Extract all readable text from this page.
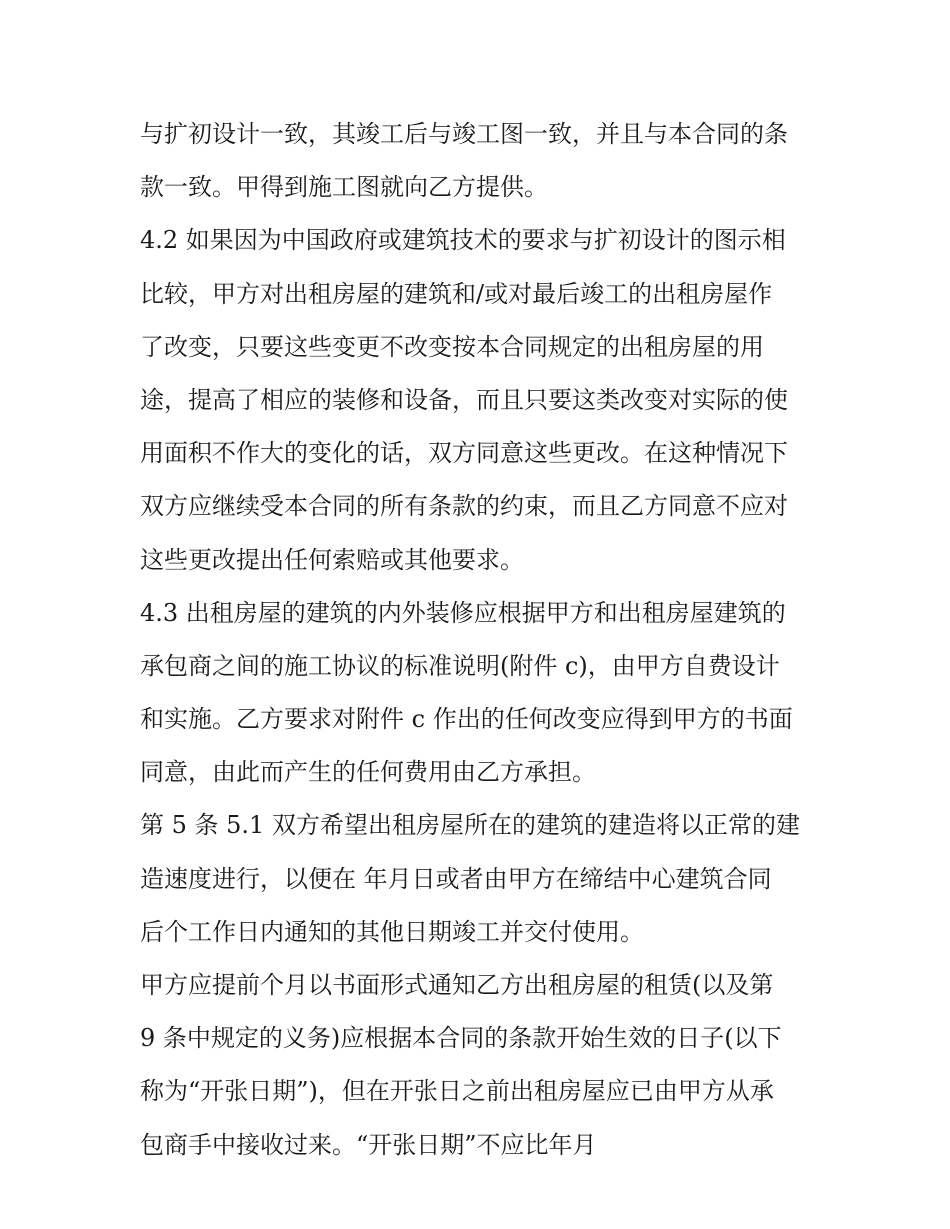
与扩初设计一致，其竣工后与竣工图一致，并且与本合同的条
款一致。甲得到施工图就向乙方提供。
4.2 如果因为中国政府或建筑技术的要求与扩初设计的图示相
比较，甲方对出租房屋的建筑和/或对最后竣工的出租房屋作
了改变，只要这些变更不改变按本合同规定的出租房屋的用
途，提高了相应的装修和设备，而且只要这类改变对实际的使
用面积不作大的变化的话，双方同意这些更改。在这种情况下
双方应继续受本合同的所有条款的约束，而且乙方同意不应对
这些更改提出任何索赔或其他要求。
4.3 出租房屋的建筑的内外装修应根据甲方和出租房屋建筑的
承包商之间的施工协议的标准说明(附件 c)，由甲方自费设计
和实施。乙方要求对附件 c 作出的任何改变应得到甲方的书面
同意，由此而产生的任何费用由乙方承担。
第 5 条 5.1 双方希望出租房屋所在的建筑的建造将以正常的建
造速度进行，以便在 年月日或者由甲方在缔结中心建筑合同
后个工作日内通知的其他日期竣工并交付使用。
甲方应提前个月以书面形式通知乙方出租房屋的租赁(以及第
9 条中规定的义务)应根据本合同的条款开始生效的日子(以下
称为“开张日期”)，但在开张日之前出租房屋应已由甲方从承
包商手中接收过来。“开张日期”不应比年月
